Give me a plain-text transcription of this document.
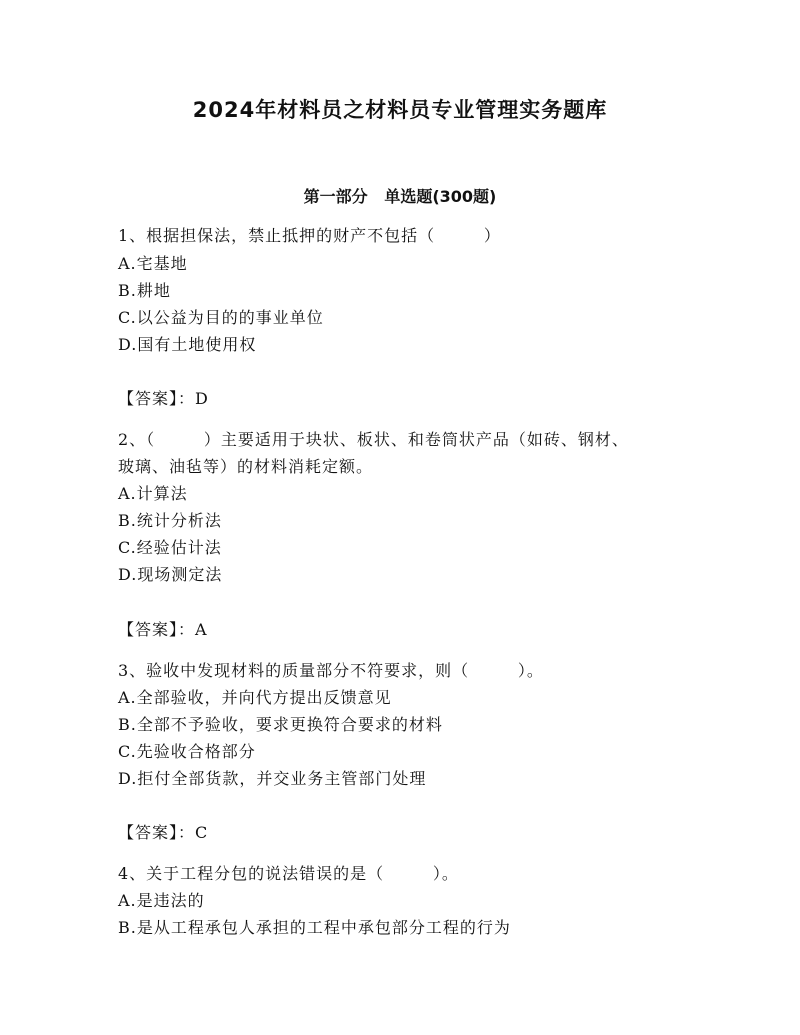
2024年材料员之材料员专业管理实务题库
第一部分   单选题(300题)

1、根据担保法，禁止抵押的财产不包括（        ）

A.宅基地

B.耕地

C.以公益为目的的事业单位

D.国有土地使用权

【答案】：D

2、（        ）主要适用于块状、板状、和卷筒状产品（如砖、钢材、

玻璃、油毡等）的材料消耗定额。

A.计算法

B.统计分析法

C.经验估计法

D.现场测定法

【答案】：A

3、验收中发现材料的质量部分不符要求，则（        ）。

A.全部验收，并向代方提出反馈意见

B.全部不予验收，要求更换符合要求的材料

C.先验收合格部分

D.拒付全部货款，并交业务主管部门处理

【答案】：C

4、关于工程分包的说法错误的是（        ）。

A.是违法的

B.是从工程承包人承担的工程中承包部分工程的行为
